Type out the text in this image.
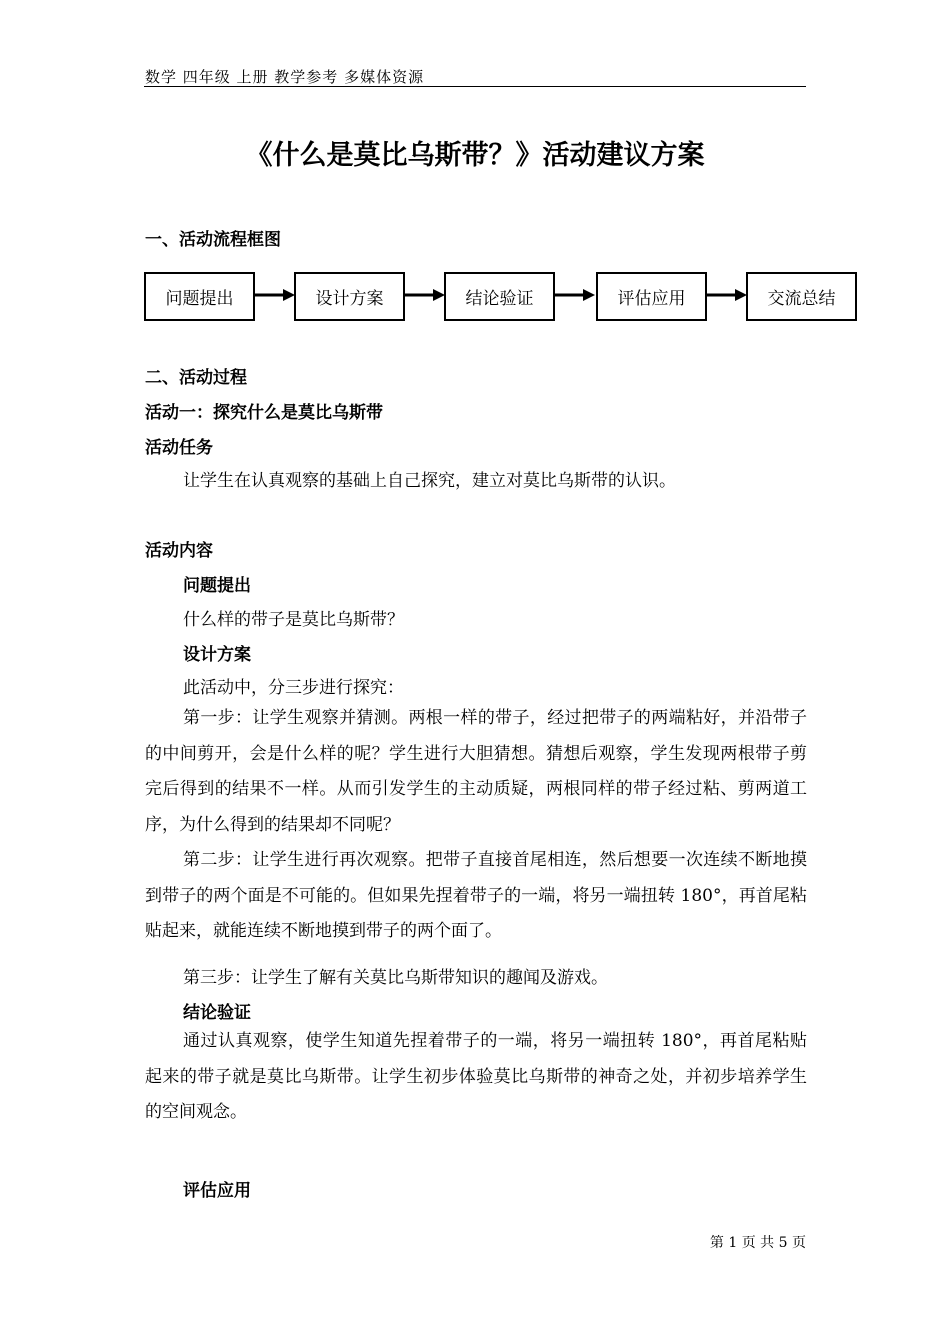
数学 四年级 上册 教学参考 多媒体资源
《什么是莫比乌斯带？》活动建议方案
一、活动流程框图
问题提出	设计方案	结论验证	评估应用	交流总结
二、活动过程
活动一：探究什么是莫比乌斯带
活动任务
让学生在认真观察的基础上自己探究，建立对莫比乌斯带的认识。
活动内容
问题提出
什么样的带子是莫比乌斯带？
设计方案
此活动中，分三步进行探究：
第一步：让学生观察并猜测。两根一样的带子，经过把带子的两端粘好，并沿带子的中间剪开，会是什么样的呢？学生进行大胆猜想。猜想后观察，学生发现两根带子剪完后得到的结果不一样。从而引发学生的主动质疑，两根同样的带子经过粘、剪两道工序，为什么得到的结果却不同呢？
第二步：让学生进行再次观察。把带子直接首尾相连，然后想要一次连续不断地摸到带子的两个面是不可能的。但如果先捏着带子的一端，将另一端扭转 180°，再首尾粘贴起来，就能连续不断地摸到带子的两个面了。
第三步：让学生了解有关莫比乌斯带知识的趣闻及游戏。
结论验证
通过认真观察，使学生知道先捏着带子的一端，将另一端扭转 180°，再首尾粘贴起来的带子就是莫比乌斯带。让学生初步体验莫比乌斯带的神奇之处，并初步培养学生的空间观念。
评估应用
第 1 页 共 5 页
